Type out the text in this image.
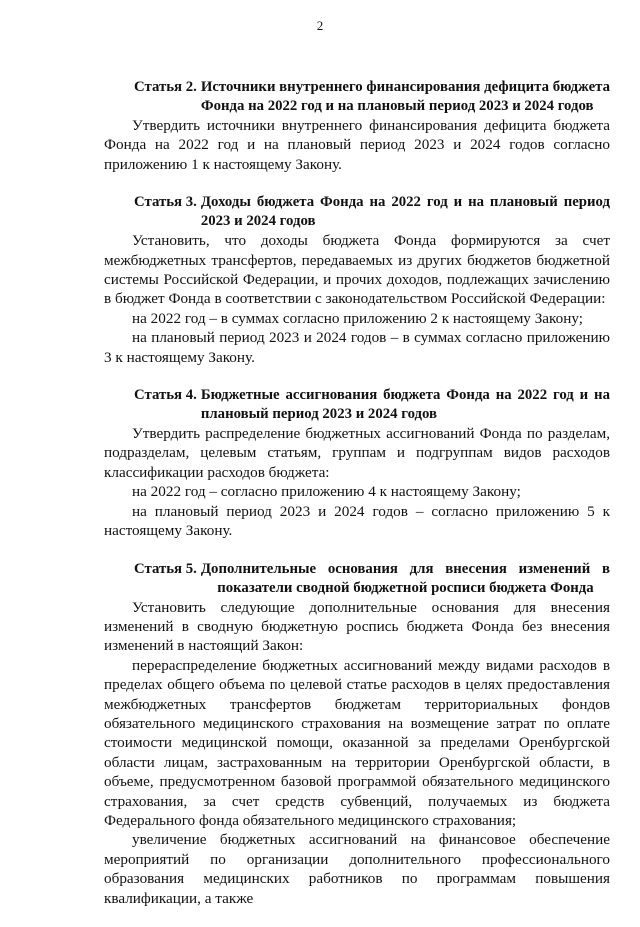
2
Статья 2. Источники внутреннего финансирования дефицита бюджета Фонда на 2022 год и на плановый период 2023 и 2024 годов

Утвердить источники внутреннего финансирования дефицита бюджета Фонда на 2022 год и на плановый период 2023 и 2024 годов согласно приложению 1 к настоящему Закону.

Статья 3. Доходы бюджета Фонда на 2022 год и на плановый период 2023 и 2024 годов

Установить, что доходы бюджета Фонда формируются за счет межбюджетных трансфертов, передаваемых из других бюджетов бюджетной системы Российской Федерации, и прочих доходов, подлежащих зачислению в бюджет Фонда в соответствии с законодательством Российской Федерации:

на 2022 год – в суммах согласно приложению 2 к настоящему Закону;

на плановый период 2023 и 2024 годов – в суммах согласно приложению 3 к настоящему Закону.

Статья 4. Бюджетные ассигнования бюджета Фонда на 2022 год и на плановый период 2023 и 2024 годов

Утвердить распределение бюджетных ассигнований Фонда по разделам, подразделам, целевым статьям, группам и подгруппам видов расходов классификации расходов бюджета:

на 2022 год – согласно приложению 4 к настоящему Закону;

на плановый период 2023 и 2024 годов – согласно приложению 5 к настоящему Закону.

Статья 5. Дополнительные основания для внесения изменений в показатели сводной бюджетной росписи бюджета Фонда

Установить следующие дополнительные основания для внесения изменений в сводную бюджетную роспись бюджета Фонда без внесения изменений в настоящий Закон:

перераспределение бюджетных ассигнований между видами расходов в пределах общего объема по целевой статье расходов в целях предоставления межбюджетных трансфертов бюджетам территориальных фондов обязательного медицинского страхования на возмещение затрат по оплате стоимости медицинской помощи, оказанной за пределами Оренбургской области лицам, застрахованным на территории Оренбургской области, в объеме, предусмотренном базовой программой обязательного медицинского страхования, за счет средств субвенций, получаемых из бюджета Федерального фонда обязательного медицинского страхования;

увеличение бюджетных ассигнований на финансовое обеспечение мероприятий по организации дополнительного профессионального образования медицинских работников по программам повышения квалификации, а также
